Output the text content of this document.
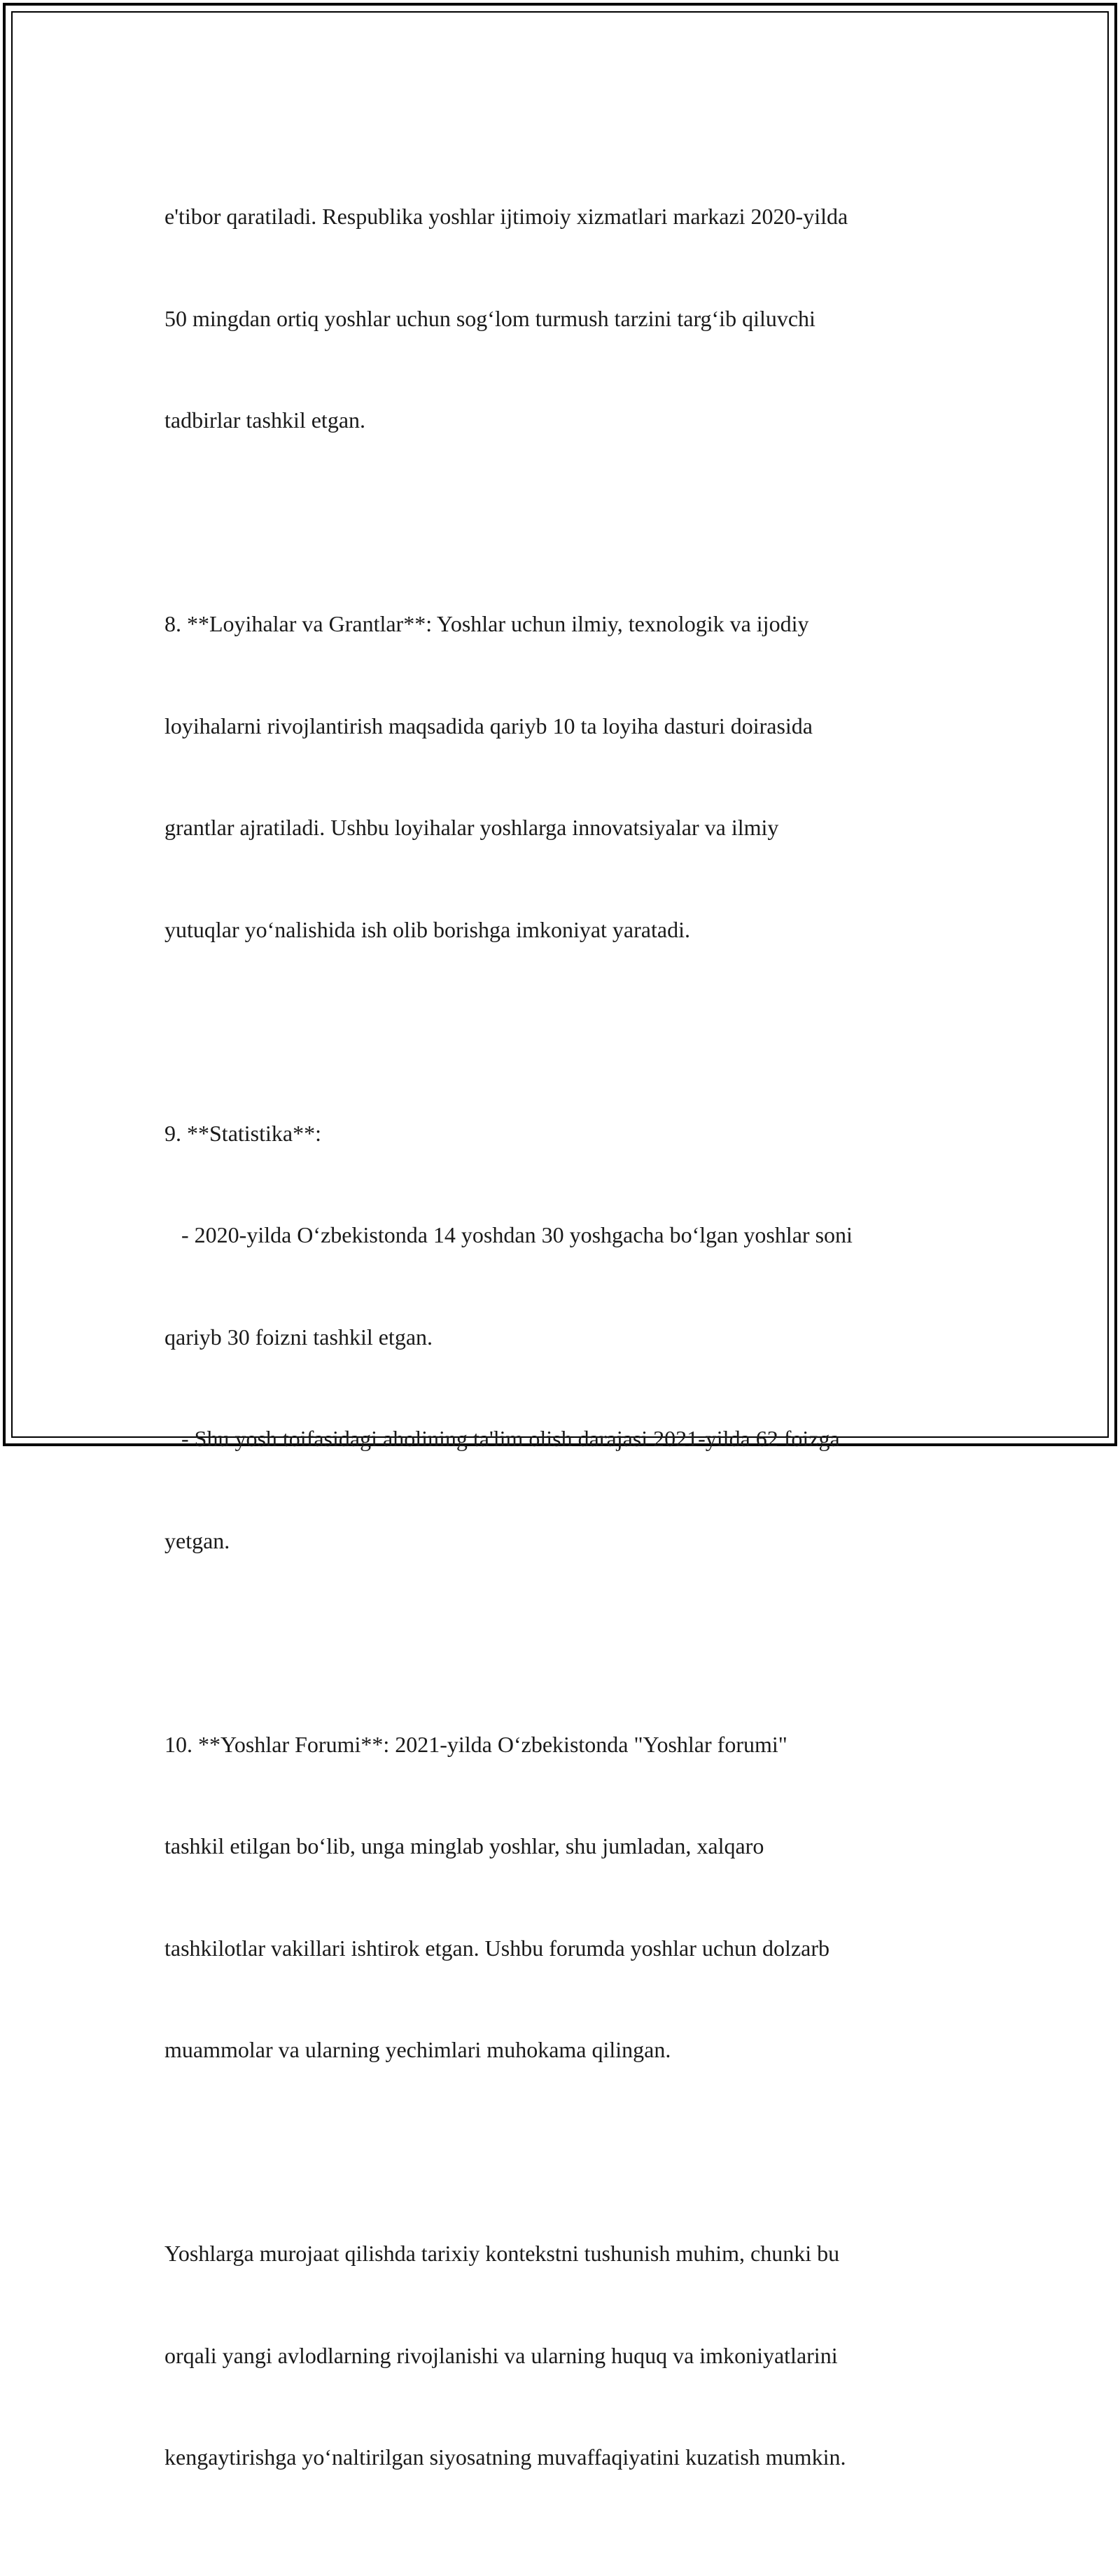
e'tibor qaratiladi. Respublika yoshlar ijtimoiy xizmatlari markazi 2020-yilda

50 mingdan ortiq yoshlar uchun sog‘lom turmush tarzini targ‘ib qiluvchi

tadbirlar tashkil etgan.

8. **Loyihalar va Grantlar**: Yoshlar uchun ilmiy, texnologik va ijodiy

loyihalarni rivojlantirish maqsadida qariyb 10 ta loyiha dasturi doirasida

grantlar ajratiladi. Ushbu loyihalar yoshlarga innovatsiyalar va ilmiy

yutuqlar yo‘nalishida ish olib borishga imkoniyat yaratadi.

9. **Statistika**:

- 2020-yilda O‘zbekistonda 14 yoshdan 30 yoshgacha bo‘lgan yoshlar soni

qariyb 30 foizni tashkil etgan.

- Shu yosh toifasidagi aholining ta'lim olish darajasi 2021-yilda 62 foizga

yetgan.

10. **Yoshlar Forumi**: 2021-yilda O‘zbekistonda "Yoshlar forumi"

tashkil etilgan bo‘lib, unga minglab yoshlar, shu jumladan, xalqaro

tashkilotlar vakillari ishtirok etgan. Ushbu forumda yoshlar uchun dolzarb

muammolar va ularning yechimlari muhokama qilingan.

Yoshlarga murojaat qilishda tarixiy kontekstni tushunish muhim, chunki bu

orqali yangi avlodlarning rivojlanishi va ularning huquq va imkoniyatlarini

kengaytirishga yo‘naltirilgan siyosatning muvaffaqiyatini kuzatish mumkin.
